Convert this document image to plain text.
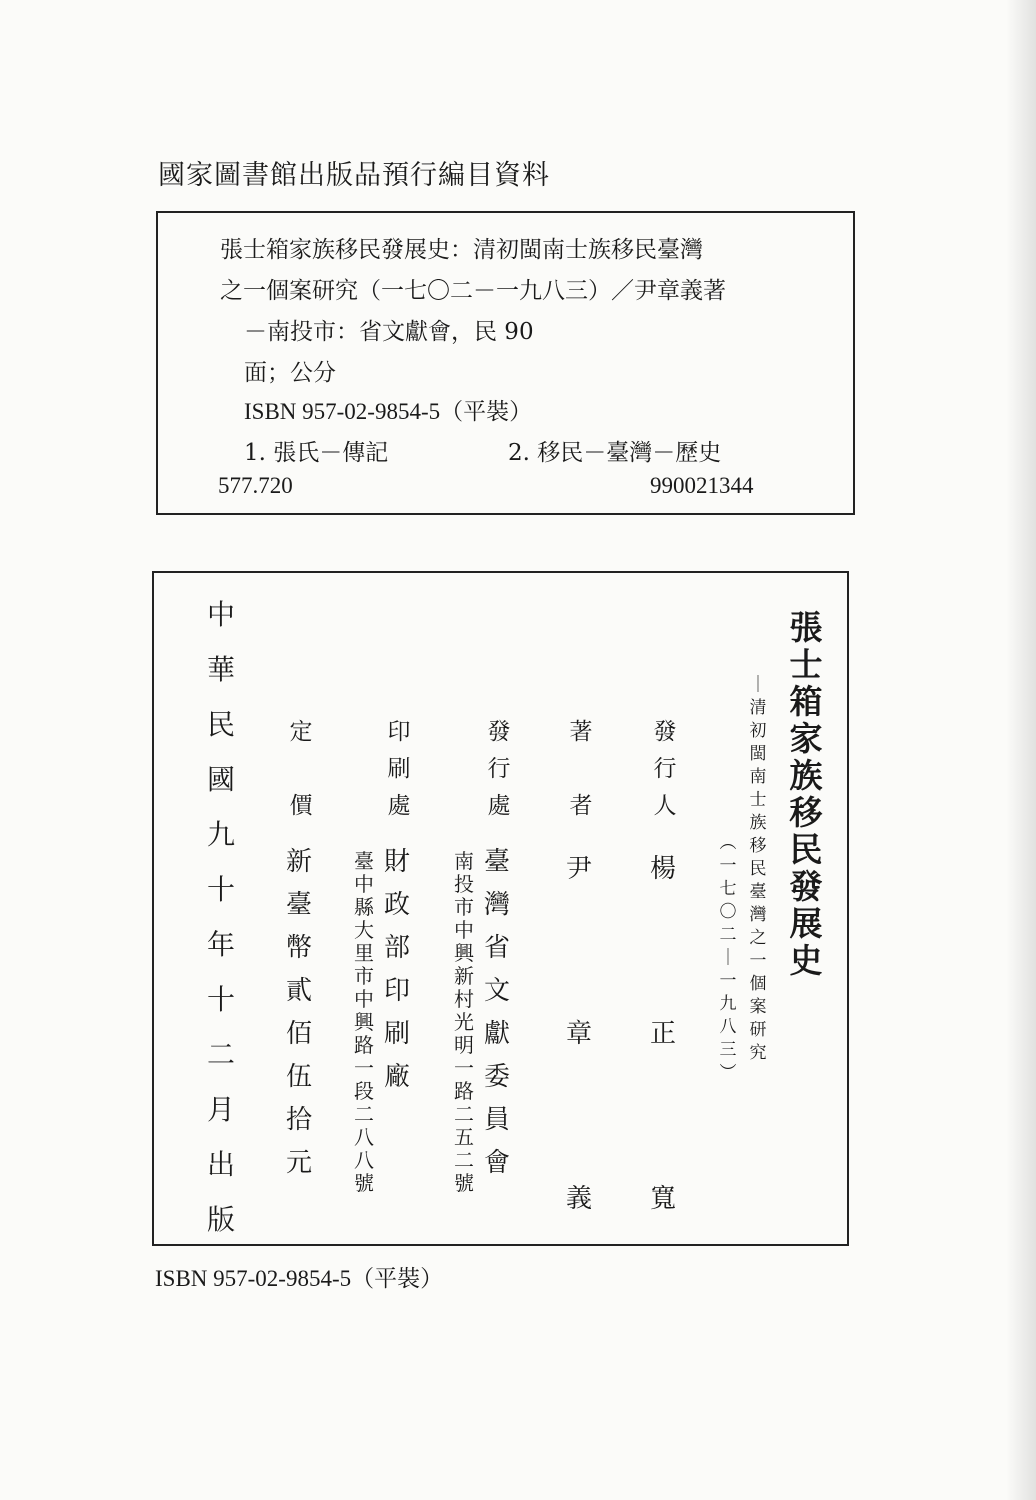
國家圖書館出版品預行編目資料
張士箱家族移民發展史：清初閩南士族移民臺灣
之一個案研究（一七〇二－一九八三）／尹章義著
－南投市：省文獻會，民 90
面；公分
ISBN 957-02-9854-5（平裝）
1. 張氏－傳記	2. 移民－臺灣－歷史
577.720	990021344
張
士
箱
家
族
移
民
發
展
史
｜
清
初
閩
南
士
族
移
民
臺
灣
之
一
個
案
研
究
︵
一
七
〇
二
｜
一
九
八
三
︶
發
行
人
楊
正
寬
著
者
尹
章
義
發
行
處
臺
灣
省
文
獻
委
員
會
南
投
市
中
興
新
村
光
明
一
路
二
五
二
號
印
刷
處
財
政
部
印
刷
廠
臺
中
縣
大
里
市
中
興
路
一
段
二
八
八
號
定
價
新
臺
幣
貳
佰
伍
拾
元
中
華
民
國
九
十
年
十
二
月
出
版
ISBN 957-02-9854-5（平裝）
